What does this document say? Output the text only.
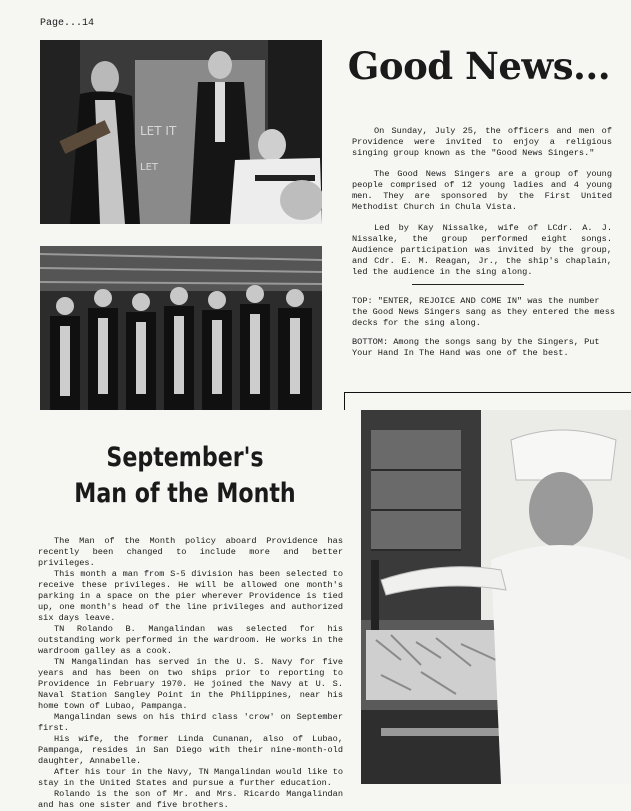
Page...14
LET IT
LET
Good News...

On Sunday, July 25, the officers and men of Providence were invited to enjoy a religious singing group known as the "Good News Singers."

The Good News Singers are a group of young people comprised of 12 young ladies and 4 young men. They are sponsored by the First United Methodist Church in Chula Vista.

Led by Kay Nissalke, wife of LCdr. A. J. Nissalke, the group performed eight songs. Audience participation was invited by the group, and Cdr. E. M. Reagan, Jr., the ship's chaplain, led the audience in the sing along.

TOP: "ENTER, REJOICE AND COME IN" was the number the Good News Singers sang as they entered the mess decks for the sing along.

BOTTOM: Among the songs sang by the Singers, Put Your Hand In The Hand was one of the best.

September's
Man of the Month

The Man of the Month policy aboard Providence has recently been changed to include more and better privileges.

This month a man from S-5 division has been selected to receive these privileges. He will be allowed one month's parking in a space on the pier wherever Providence is tied up, one month's head of the line privileges and authorized six days leave.

TN Rolando B. Mangalindan was selected for his outstanding work performed in the wardroom. He works in the wardroom galley as a cook.

TN Mangalindan has served in the U. S. Navy for five years and has been on two ships prior to reporting to Providence in February 1970. He joined the Navy at U. S. Naval Station Sangley Point in the Philippines, near his home town of Lubao, Pampanga.

Mangalindan sews on his third class 'crow' on September first.

His wife, the former Linda Cunanan, also of Lubao, Pampanga, resides in San Diego with their nine-month-old daughter, Annabelle.

After his tour in the Navy, TN Mangalindan would like to stay in the United States and pursue a further education.

Rolando is the son of Mr. and Mrs. Ricardo Mangalindan and has one sister and five brothers.
